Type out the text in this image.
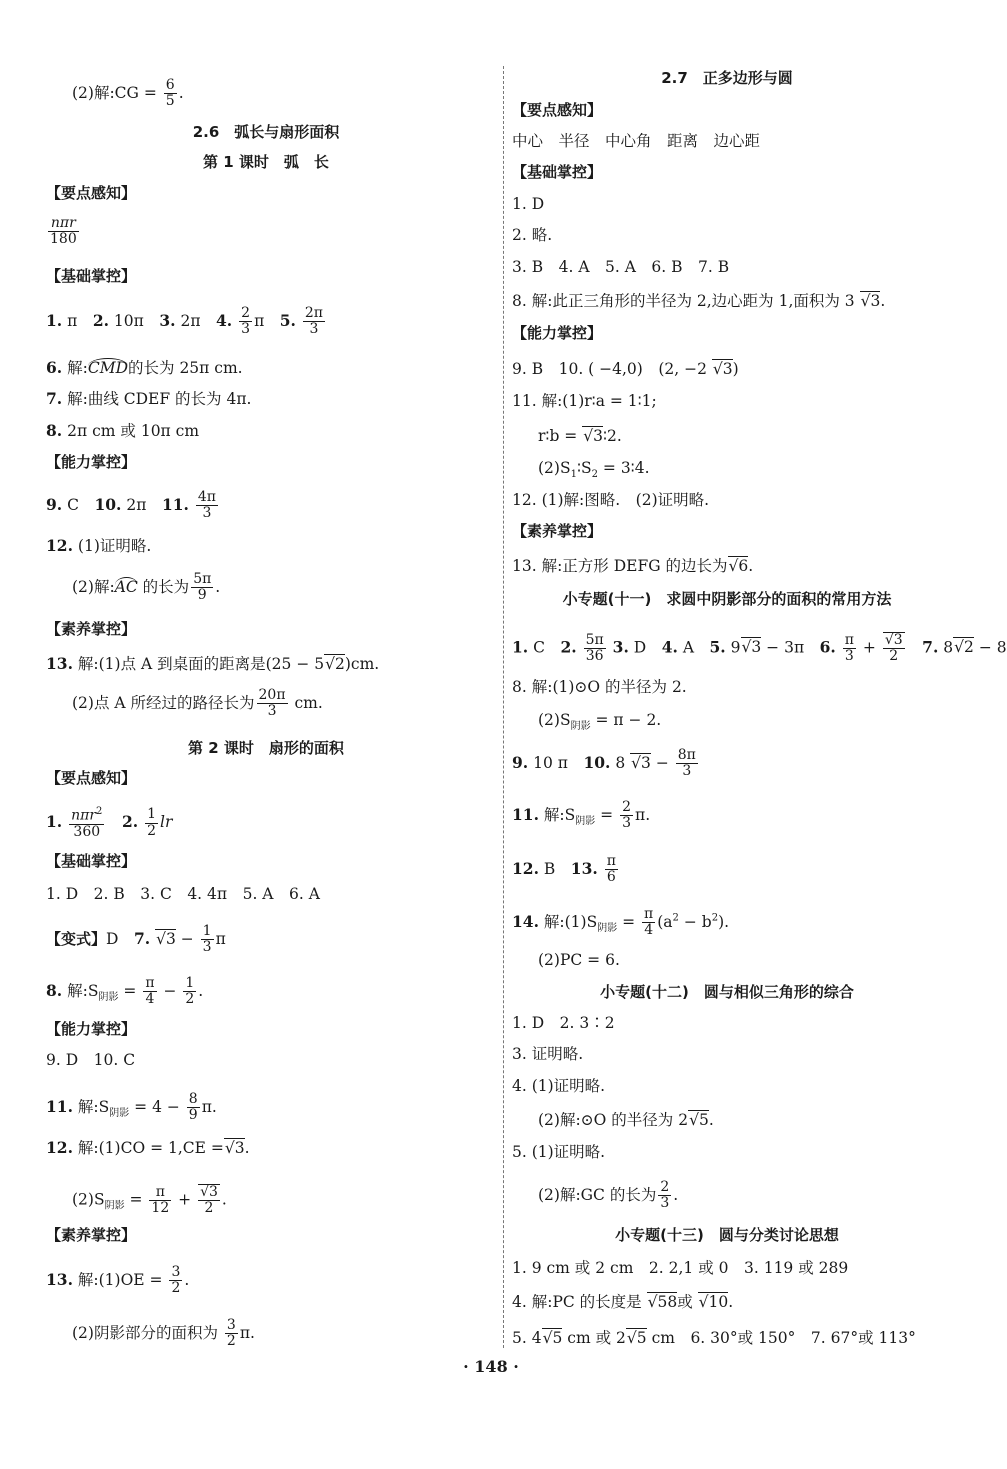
(2)解:CG = $\frac{6}{5}$ .
2.6　弧长与扇形面积
第 1 课时　弧　长
【要点感知】
$\frac{\text{nπr}}{180}$
【基础掌控】
1. π　2. 10π　3. 2π　4. $\frac{2}{3}$ π　5. $\frac{2\pi}{3}$
6. 解:CMD的长为 25π cm.
7. 解:曲线 CDEF 的长为 4π.
8. 2π cm 或 10π cm
【能力掌控】
9. C　10. 2π　11. $\frac{4\pi}{3}$
12. (1)证明略.
(2)解:AC 的长为 $\frac{5\pi}{9}$ .
【素养掌控】
13. 解:(1)点 A 到桌面的距离是(25 − 5√2)cm.
(2)点 A 所经过的路径长为 $\frac{20\pi}{3}$ cm.
第 2 课时　扇形的面积
【要点感知】
1. $\frac{n\pi r^2}{360}$
　 2. $\frac{1}{2}$ lr
【基础掌控】
1. D　2. B　3. C　4. 4π　5. A　6. A
【变式】D　7. $√3 - \frac{1}{3}$ π
8. 解$:S_{阴影} = \frac{\pi}{4} - \frac{1}{2}$ .
【能力掌控】
9. D　10. C
11. 解$:S_{阴影} = 4 - \frac{8}{9} \pi$.
12. 解:(1)CO = 1,CE =√3.
$(2)S_{阴影} = \frac{\pi}{12} + \frac{√3}{2}$ .
【素养掌控】
13. 解:(1)OE = $\frac{3}{2}$ .
(2)阴影部分的面积为 $\frac{3}{2} \pi$.
2.7　正多边形与圆
【要点感知】
中心　半径　中心角　距离　边心距
【基础掌控】
1. D
2. 略.
3. B　4. A　5. A　6. B　7. B
8. 解:此正三角形的半径为 2,边心距为 1,面积为 3 √3.
【能力掌控】
9. B　10. ( −4,0)　(2, −2 √3)
11. 解:(1)r∶a = 1∶1;
r∶b = √3∶2.
$(2)S_1∶S_2$ = 3∶4.
12. (1)解:图略.　(2)证明略.
【素养掌控】
13. 解:正方形 DEFG 的边长为√6.
小专题(十一)　求圆中阴影部分的面积的常用方法
1. C　2. $\frac{5\pi}{36} 3$. D　4. A　5. 9√3 − 3π　6. $\frac{\pi}{3} + \frac{√3}{2}$
　 7. 8√2 − 8
8. 解:(1)⊙O 的半径为 2.
$(2)S_{阴影} = \pi - 2$.
9. 10 π　10. 8 $√3 - \frac{8\pi}{3}$
11. 解$:S_{阴影} = \frac{2}{3} \pi$.
12. B　13. $\frac{\pi}{6}$
14. 解$:(1)S_{阴影} = \frac{\pi}{4} (a^2 - b^2)$.
(2)PC = 6.
小专题(十二)　圆与相似三角形的综合
1. D　2. 3∶2
3. 证明略.
4. (1)证明略.
(2)解:⊙O 的半径为 2√5.
5. (1)证明略.
(2)解:GC 的长为 $\frac{2}{3}$ .
小专题(十三)　圆与分类讨论思想
1. 9 cm 或 2 cm　2. 2,1 或 0　3. 119 或 289
4. 解:PC 的长度是 √58或 √10.
5. 4√5 cm 或 2√5 cm　6. 30°或 150°　7. 67°或 113°
· 148 ·
